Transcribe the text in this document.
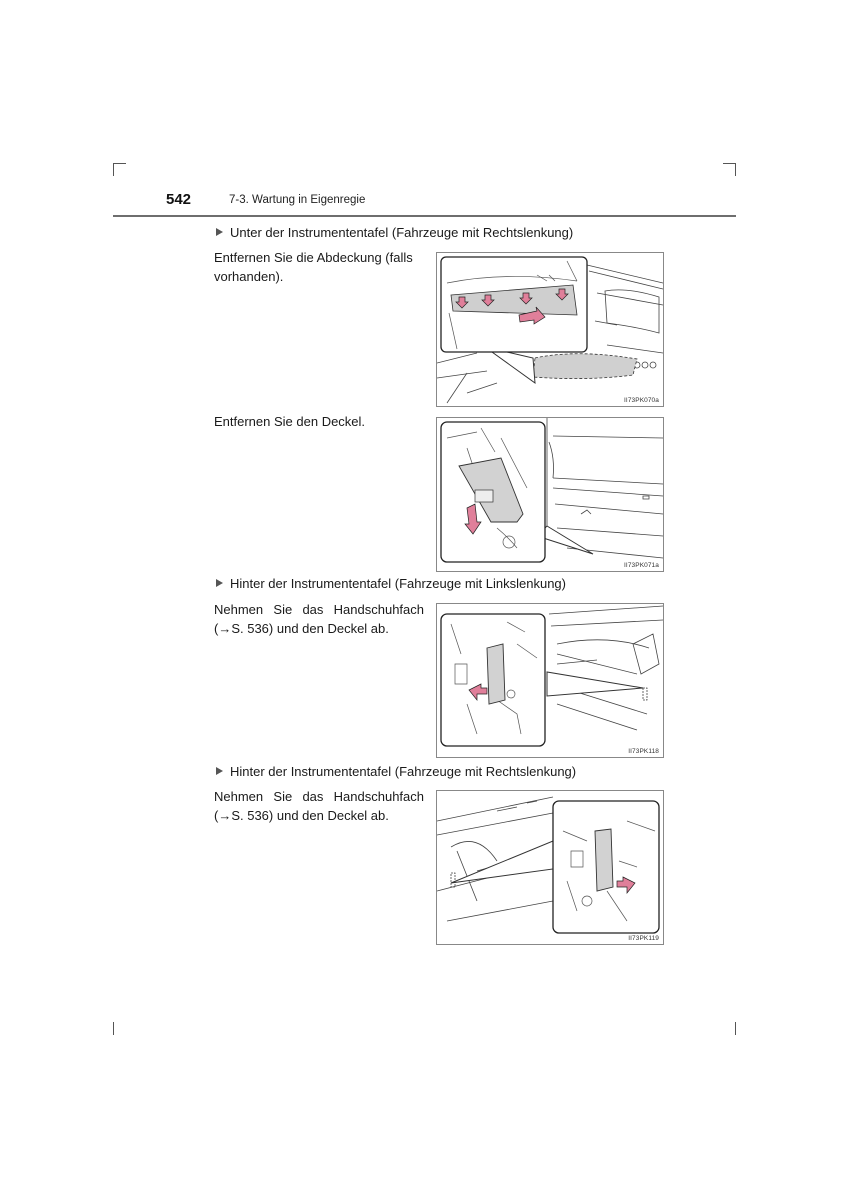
542	7-3. Wartung in Eigenregie
Unter der Instrumententafel (Fahrzeuge mit Rechtslenkung)
Entfernen Sie die Abdeckung (falls vorhanden).
II73PK070a
Entfernen Sie den Deckel.
II73PK071a
Hinter der Instrumententafel (Fahrzeuge mit Linkslenkung)
Nehmen Sie das Handschuhfach (→S. 536) und den Deckel ab.
II73PK118
Hinter der Instrumententafel (Fahrzeuge mit Rechtslenkung)
Nehmen Sie das Handschuhfach (→S. 536) und den Deckel ab.
II73PK119
